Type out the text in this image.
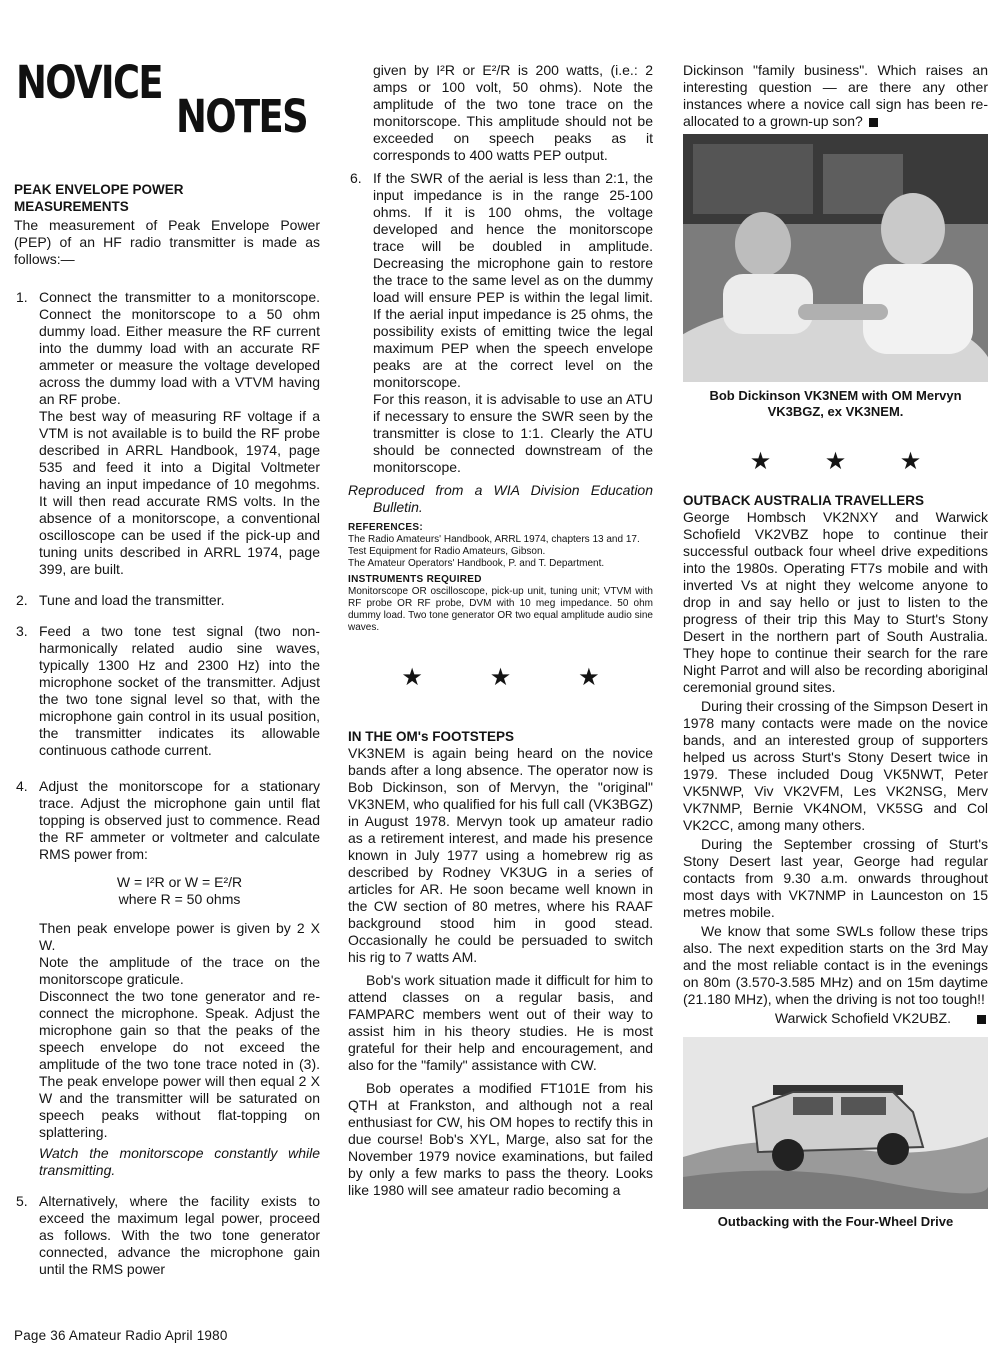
NOVICE
NOTES
PEAK ENVELOPE POWER
MEASUREMENTS

The measurement of Peak Envelope Power (PEP) of an HF radio transmitter is made as follows:—

1. Connect the transmitter to a monitorscope. Connect the monitorscope to a 50 ohm dummy load. Either measure the RF current into the dummy load with an accurate RF ammeter or measure the voltage developed across the dummy load with a VTVM having an RF probe.

The best way of measuring RF voltage if a VTM is not available is to build the RF probe described in ARRL Handbook, 1974, page 535 and feed it into a Digital Voltmeter having an input impedance of 10 megohms. It will then read accurate RMS volts. In the absence of a monitorscope, a conventional oscilloscope can be used if the pick-up and tuning units described in ARRL 1974, page 399, are built.

2. Tune and load the transmitter.

3. Feed a two tone test signal (two non-harmonically related audio sine waves, typically 1300 Hz and 2300 Hz) into the microphone socket of the transmitter. Adjust the two tone signal level so that, with the microphone gain control in its usual position, the transmitter indicates its allowable continuous cathode current.

4. Adjust the monitorscope for a stationary trace. Adjust the microphone gain until flat topping is observed just to commence. Read the RF ammeter or voltmeter and calculate RMS power from:

W = I²R or W = E²/R
where R = 50 ohms

Then peak envelope power is given by 2 X W.

Note the amplitude of the trace on the monitorscope graticule.

Disconnect the two tone generator and re-connect the microphone. Speak. Adjust the microphone gain so that the peaks of the speech envelope do not exceed the amplitude of the two tone trace noted in (3). The peak envelope power will then equal 2 X W and the transmitter will be saturated on speech peaks without flat-topping on splattering.

Watch the monitorscope constantly while transmitting.

5. Alternatively, where the facility exists to exceed the maximum legal power, proceed as follows. With the two tone generator connected, advance the microphone gain until the RMS power

given by I²R or E²/R is 200 watts, (i.e.: 2 amps or 100 volt, 50 ohms). Note the amplitude of the two tone trace on the monitorscope. This amplitude should not be exceeded on speech peaks as it corresponds to 400 watts PEP output.

6. If the SWR of the aerial is less than 2:1, the input impedance is in the range 25-100 ohms. If it is 100 ohms, the voltage developed and hence the monitorscope trace will be doubled in amplitude. Decreasing the microphone gain to restore the trace to the same level as on the dummy load will ensure PEP is within the legal limit. If the aerial input impedance is 25 ohms, the possibility exists of emitting twice the legal maximum PEP when the speech envelope peaks are at the correct level on the monitorscope.

For this reason, it is advisable to use an ATU if necessary to ensure the SWR seen by the transmitter is close to 1:1. Clearly the ATU should be connected downstream of the monitorscope.

Reproduced from a WIA Division Education Bulletin.

REFERENCES:

The Radio Amateurs' Handbook, ARRL 1974, chapters 13 and 17.

Test Equipment for Radio Amateurs, Gibson.

The Amateur Operators' Handbook, P. and T. Department.

INSTRUMENTS REQUIRED

Monitorscope OR oscilloscope, pick-up unit, tuning unit; VTVM with RF probe OR RF probe, DVM with 10 meg impedance. 50 ohm dummy load. Two tone generator OR two equal amplitude audio sine waves.

★	★	★
IN THE OM's FOOTSTEPS

VK3NEM is again being heard on the novice bands after a long absence. The operator now is Bob Dickinson, son of Mervyn, the "original" VK3NEM, who qualified for his full call (VK3BGZ) in August 1978. Mervyn took up amateur radio as a retirement interest, and made his presence known in July 1977 using a homebrew rig as described by Rodney VK3UG in a series of articles for AR. He soon became well known in the CW section of 80 metres, where his RAAF background stood him in good stead. Occasionally he could be persuaded to switch his rig to 7 watts AM.

Bob's work situation made it difficult for him to attend classes on a regular basis, and FAMPARC members went out of their way to assist him in his theory studies. He is most grateful for their help and encouragement, and also for the "family" assistance with CW.

Bob operates a modified FT101E from his QTH at Frankston, and although not a real enthusiast for CW, his OM hopes to rectify this in due course! Bob's XYL, Marge, also sat for the November 1979 novice examinations, but failed by only a few marks to pass the theory. Looks like 1980 will see amateur radio becoming a

Dickinson "family business". Which raises an interesting question — are there any other instances where a novice call sign has been re-allocated to a grown-up son?

Bob Dickinson VK3NEM with OM Mervyn VK3BGZ, ex VK3NEM.
★ ★ ★
OUTBACK AUSTRALIA TRAVELLERS

George Hombsch VK2NXY and Warwick Schofield VK2VBZ hope to continue their successful outback four wheel drive expeditions into the 1980s. Operating FT7s mobile and with inverted Vs at night they welcome anyone to drop in and say hello or just to listen to the progress of their trip this May to Sturt's Stony Desert in the northern part of South Australia. They hope to continue their search for the rare Night Parrot and will also be recording aboriginal ceremonial ground sites.

During their crossing of the Simpson Desert in 1978 many contacts were made on the novice bands, and an interested group of supporters helped us across Sturt's Stony Desert twice in 1979. These included Doug VK5NWT, Peter VK5NWP, Viv VK2VFM, Les VK2NSG, Merv VK7NMP, Bernie VK4NOM, VK5SG and Col VK2CC, among many others.

During the September crossing of Sturt's Stony Desert last year, George had regular contacts from 9.30 a.m. onwards throughout most days with VK7NMP in Launceston on 15 metres mobile.

We know that some SWLs follow these trips also. The next expedition starts on the 3rd May and the most reliable contact is in the evenings on 80m (3.570-3.585 MHz) and on 15m daytime (21.180 MHz), when the driving is not too tough!!

Warwick Schofield VK2UBZ.
Outbacking with the Four-Wheel Drive
Page 36 Amateur Radio April 1980
